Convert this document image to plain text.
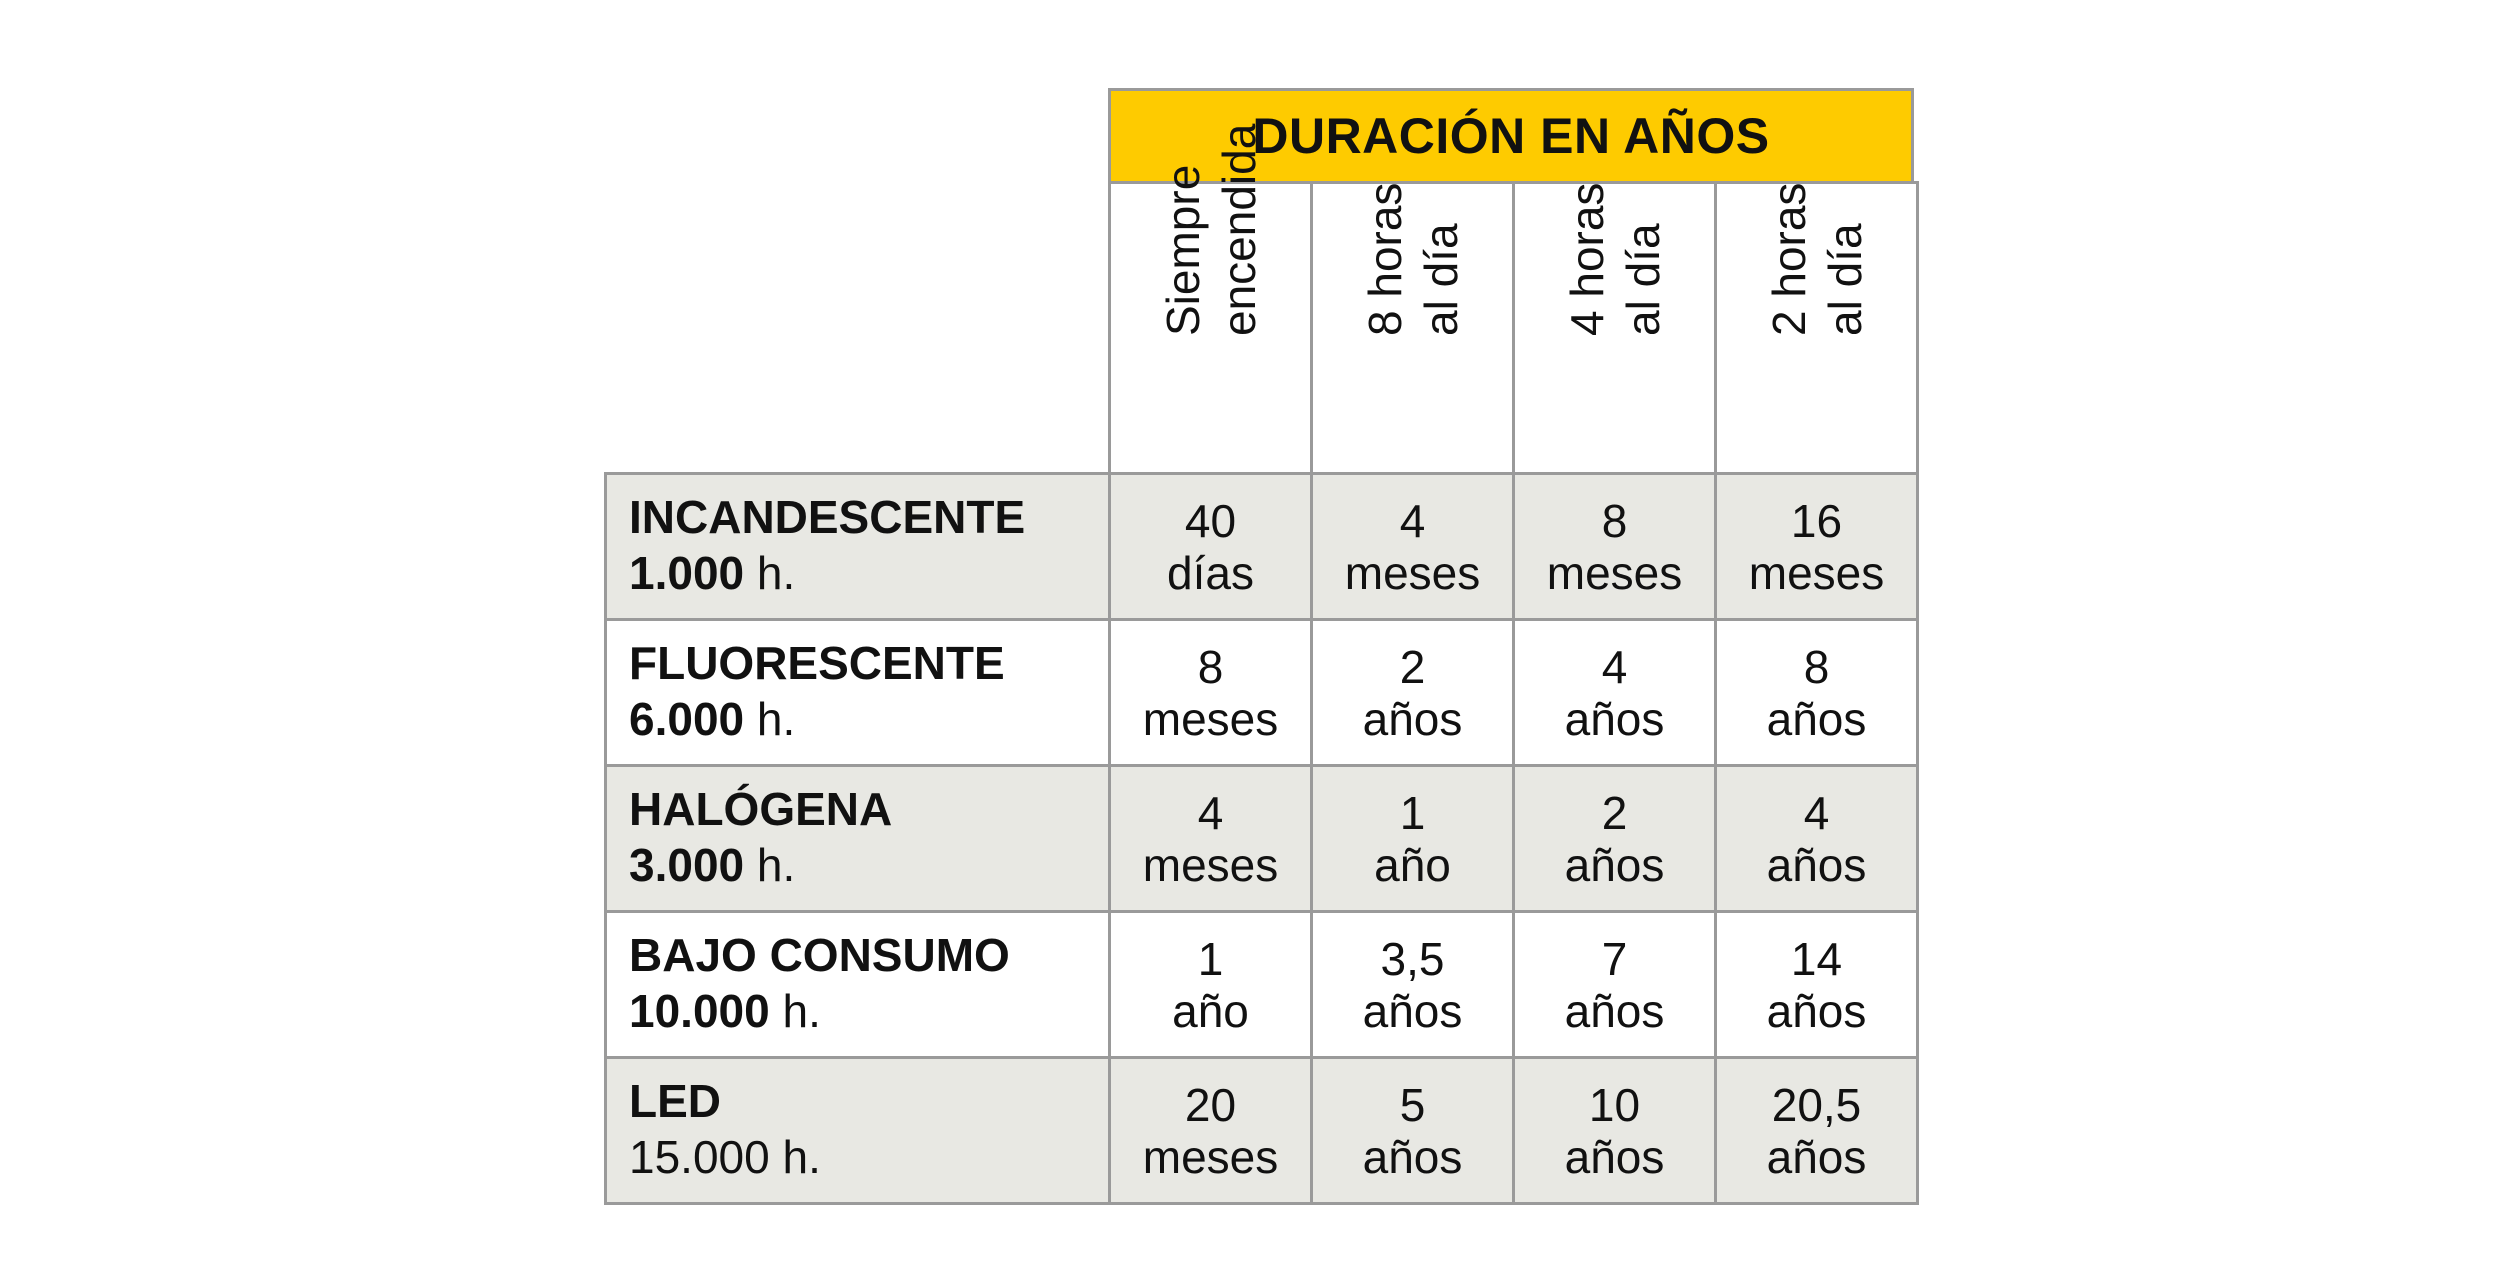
DURACIÓN EN AÑOS
Siempre encendida 8 horas al día 4 horas al día 2 horas al día
INCANDESCENTE
1.000 h.
40
días
4
meses
8
meses
16
meses
FLUORESCENTE
6.000 h.
8
meses
2
años
4
años
8
años
HALÓGENA
3.000 h.
4
meses
1
año
2
años
4
años
BAJO CONSUMO
10.000 h.
1
año
3,5
años
7
años
14
años
LED
15.000 h.
20
meses
5
años
10
años
20,5
años
